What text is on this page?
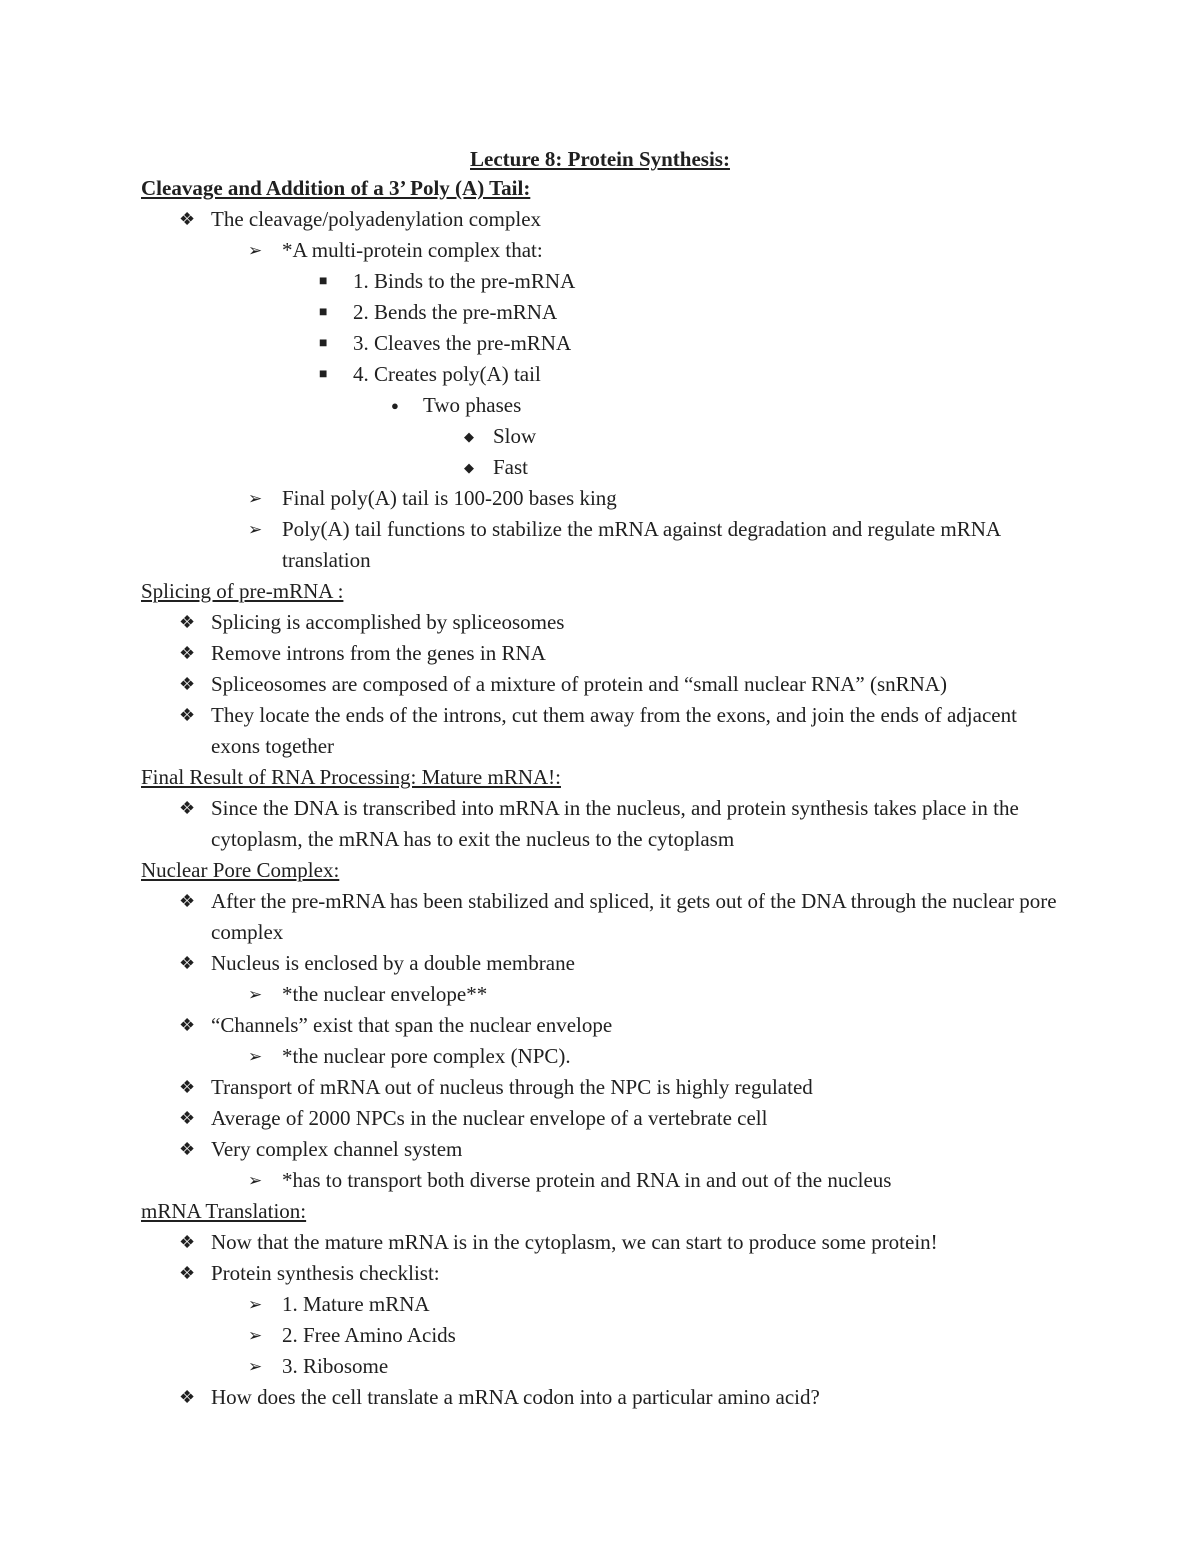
Lecture 8: Protein Synthesis:
Cleavage and Addition of a 3’ Poly (A) Tail:
❖ The cleavage/polyadenylation complex
➢ *A multi-protein complex that:
■ 1. Binds to the pre-mRNA
■ 2. Bends the pre-mRNA
■ 3. Cleaves the pre-mRNA
■ 4. Creates poly(A) tail
● Two phases
◆ Slow
◆ Fast
➢ Final poly(A) tail is 100-200 bases king
➢ Poly(A) tail functions to stabilize the mRNA against degradation and regulate mRNA translation
Splicing of pre-mRNA :
❖ Splicing is accomplished by spliceosomes
❖ Remove introns from the genes in RNA
❖ Spliceosomes are composed of a mixture of protein and “small nuclear RNA” (snRNA)
❖ They locate the ends of the introns, cut them away from the exons, and join the ends of adjacent exons together
Final Result of RNA Processing: Mature mRNA!:
❖ Since the DNA is transcribed into mRNA in the nucleus, and protein synthesis takes place in the cytoplasm, the mRNA has to exit the nucleus to the cytoplasm
Nuclear Pore Complex:
❖ After the pre-mRNA has been stabilized and spliced, it gets out of the DNA through the nuclear pore complex
❖ Nucleus is enclosed by a double membrane
➢ *the nuclear envelope**
❖ “Channels” exist that span the nuclear envelope
➢ *the nuclear pore complex (NPC).
❖ Transport of mRNA out of nucleus through the NPC is highly regulated
❖ Average of 2000 NPCs in the nuclear envelope of a vertebrate cell
❖ Very complex channel system
➢ *has to transport both diverse protein and RNA in and out of the nucleus
mRNA Translation:
❖ Now that the mature mRNA is in the cytoplasm, we can start to produce some protein!
❖ Protein synthesis checklist:
➢ 1. Mature mRNA
➢ 2. Free Amino Acids
➢ 3. Ribosome
❖ How does the cell translate a mRNA codon into a particular amino acid?
